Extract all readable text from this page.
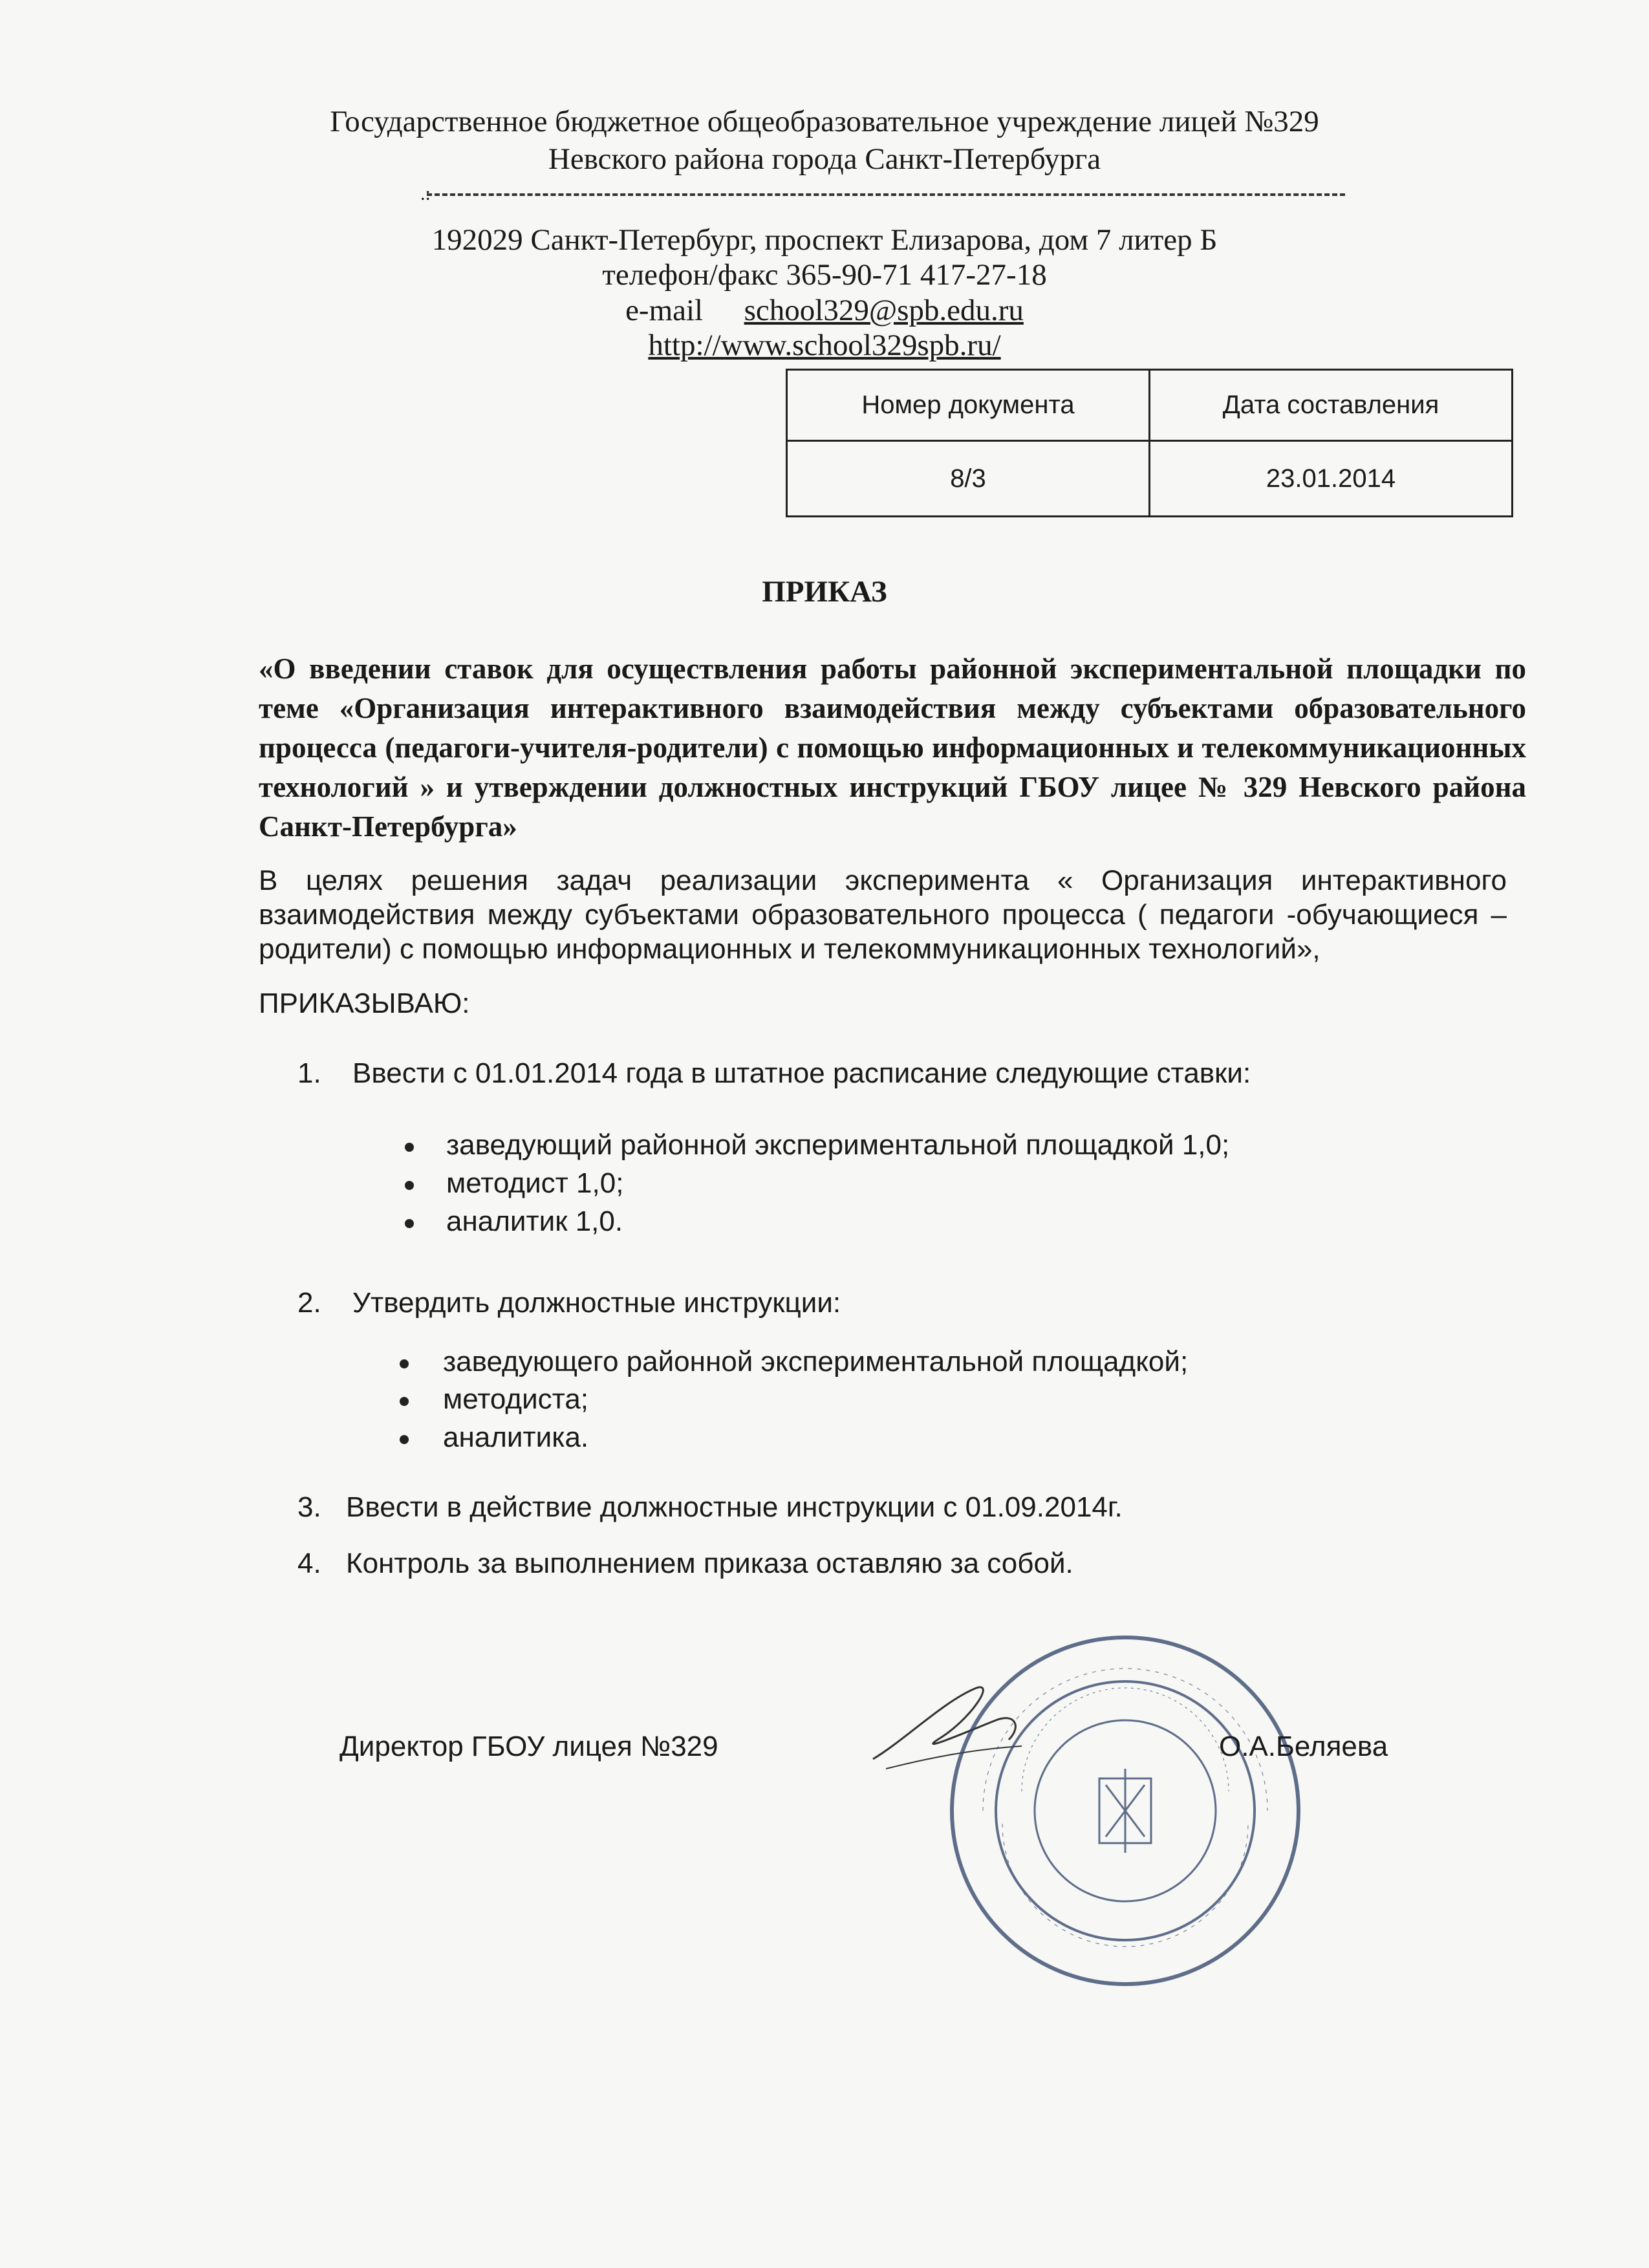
Государственное бюджетное общеобразовательное учреждение лицей №329
Невского района города Санкт-Петербурга
.:
192029 Санкт-Петербург, проспект Елизарова, дом 7 литер Б
телефон/факс 365-90-71 417-27-18
e-mail school329@spb.edu.ru
http://www.school329spb.ru/
Номер документа	Дата составления
8/3	23.01.2014
ПРИКАЗ
«О введении ставок для осуществления работы районной экспериментальной площадки по теме «Организация интерактивного взаимодействия между субъектами образовательного процесса (педагоги-учителя-родители) с помощью информационных и телекоммуникационных технологий » и утверждении должностных инструкций ГБОУ лицее № 329 Невского района Санкт-Петербурга»
В целях решения задач реализации эксперимента « Организация интерактивного взаимодействия между субъектами образовательного процесса ( педагоги -обучающиеся – родители) с помощью информационных и телекоммуникационных технологий»,
ПРИКАЗЫВАЮ:
1. Ввести с 01.01.2014 года в штатное расписание следующие ставки:
заведующий районной экспериментальной площадкой 1,0;
методист 1,0;
аналитик 1,0.
2. Утвердить должностные инструкции:
заведующего районной экспериментальной площадкой;
методиста;
аналитика.
3. Ввести в действие должностные инструкции с 01.09.2014г.
4. Контроль за выполнением приказа оставляю за собой.
Директор ГБОУ лицея №329	О.А.Беляева
